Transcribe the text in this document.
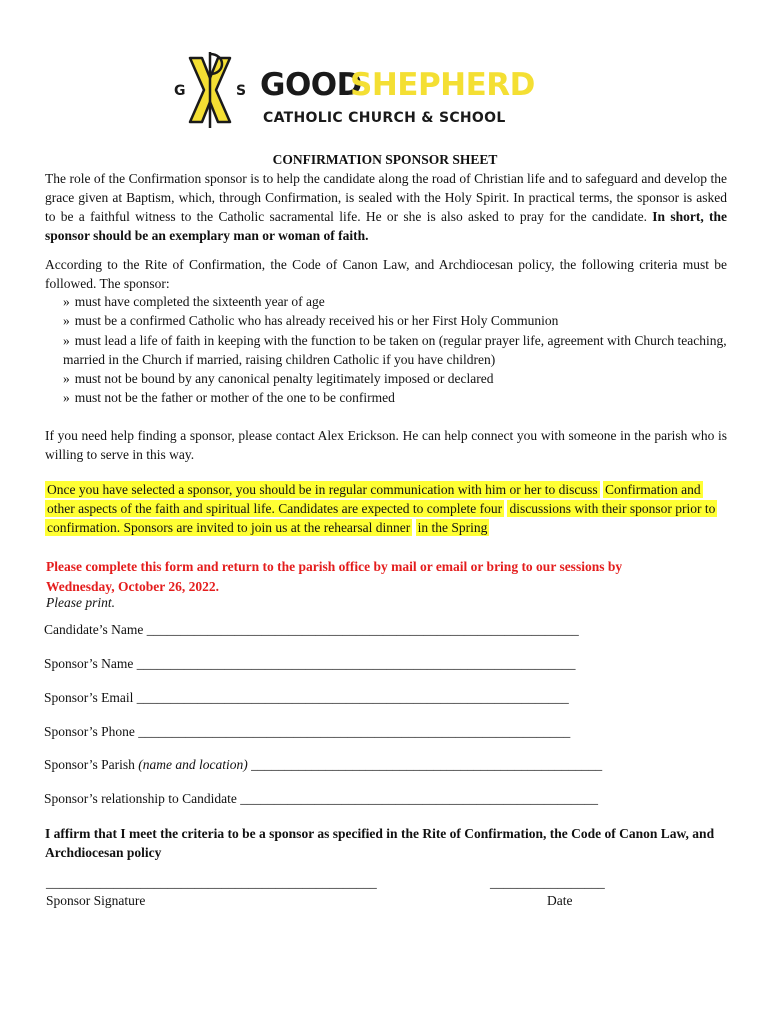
G	S GOOD
SHEPHERD
CATHOLIC CHURCH & SCHOOL
CONFIRMATION SPONSOR SHEET
The role of the Confirmation sponsor is to help the candidate along the road of Christian life and to safeguard and develop the grace given at Baptism, which, through Confirmation, is sealed with the Holy Spirit. In practical terms, the sponsor is asked to be a faithful witness to the Catholic sacramental life. He or she is also asked to pray for the candidate. In short, the sponsor should be an exemplary man or woman of faith.
According to the Rite of Confirmation, the Code of Canon Law, and Archdiocesan policy, the following criteria must be followed. The sponsor:
» must have completed the sixteenth year of age
» must be a confirmed Catholic who has already received his or her First Holy Communion
» must lead a life of faith in keeping with the function to be taken on (regular prayer life, agreement with Church teaching, married in the Church if married, raising children Catholic if you have children)
» must not be bound by any canonical penalty legitimately imposed or declared
» must not be the father or mother of the one to be confirmed
If you need help finding a sponsor, please contact Alex Erickson. He can help connect you with someone in the parish who is willing to serve in this way.
Once you have selected a sponsor, you should be in regular communication with him or her to discuss Confirmation and
other aspects of the faith and spiritual life. Candidates are expected to complete four discussions with their sponsor prior to
confirmation. Sponsors are invited to join us at the rehearsal dinner in the Spring
Please complete this form and return to the parish office by mail or email or bring to our sessions by Wednesday, October 26, 2022.
Please print.
Candidate’s Name ________________________________________________________________
Sponsor’s Name _________________________________________________________________
Sponsor’s Email ________________________________________________________________
Sponsor’s Phone ________________________________________________________________
Sponsor’s Parish (name and location) ____________________________________________________
Sponsor’s relationship to Candidate _____________________________________________________
I affirm that I meet the criteria to be a sponsor as specified in the Rite of Confirmation, the Code of Canon Law, and Archdiocesan policy
_________________________________________________	_________________
Sponsor Signature	Date
